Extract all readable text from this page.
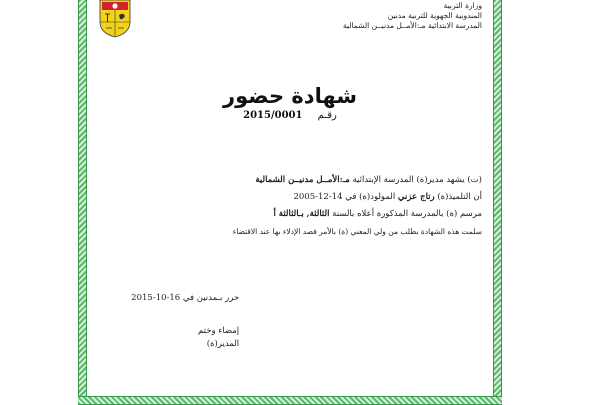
وزارة التربية
المندوبية الجهوية للتربية مدنين
المدرسة الابتدائية مـ:الأمــل مدنيــن الشمالية
شهادة حضور
رقـم 2015/0001
(ت) يشهد مدير(ة) المدرسة الإبتدائية مـ:الأمــل مدنيــن الشمالية
أن التلميذ(ة) رتاج عزني المولود(ة) في 14-12-2005
مرسم (ة) بالمدرسة المذكورة أعلاه بالسنة الثالثة, بـالثالثة أ
سلمت هذه الشهادة بطلب من ولي المعني (ة) بالأمر قصد الإدلاء بها عند الاقتضاء
حرر بـمدنين في 16-10-2015
إمضاء وختم
المدير(ة)
